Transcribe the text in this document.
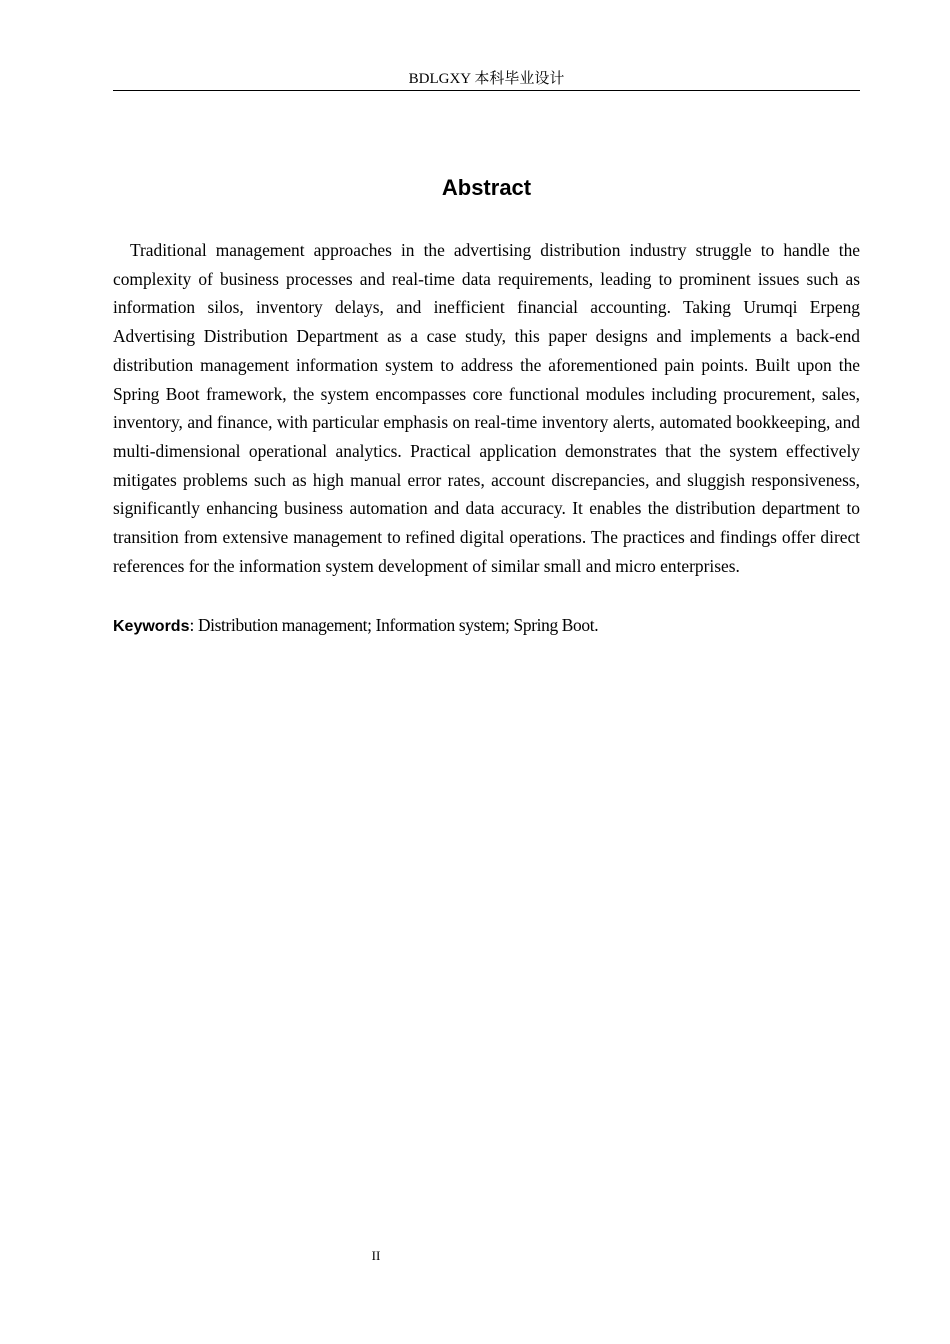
BDLGXY 本科毕业设计
Abstract

Traditional management approaches in the advertising distribution industry struggle to handle the complexity of business processes and real-time data requirements, leading to prominent issues such as information silos, inventory delays, and inefficient financial accounting. Taking Urumqi Erpeng Advertising Distribution Department as a case study, this paper designs and implements a back-end distribution management information system to address the aforementioned pain points. Built upon the Spring Boot framework, the system encompasses core functional modules including procurement, sales, inventory, and finance, with particular emphasis on real-time inventory alerts, automated bookkeeping, and multi-dimensional operational analytics. Practical application demonstrates that the system effectively mitigates problems such as high manual error rates, account discrepancies, and sluggish responsiveness, significantly enhancing business automation and data accuracy. It enables the distribution department to transition from extensive management to refined digital operations. The practices and findings offer direct references for the information system development of similar small and micro enterprises.

Keywords: Distribution management; Information system; Spring Boot.
II
